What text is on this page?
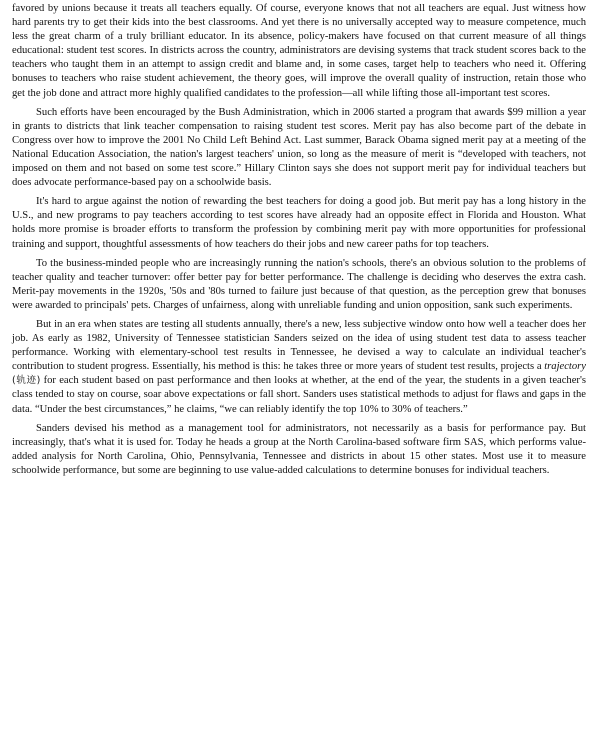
favored by unions because it treats all teachers equally. Of course, everyone knows that not all teachers are equal. Just witness how hard parents try to get their kids into the best classrooms. And yet there is no universally accepted way to measure competence, much less the great charm of a truly brilliant educator. In its absence, policy-makers have focused on that current measure of all things educational: student test scores. In districts across the country, administrators are devising systems that track student scores back to the teachers who taught them in an attempt to assign credit and blame and, in some cases, target help to teachers who need it. Offering bonuses to teachers who raise student achievement, the theory goes, will improve the overall quality of instruction, retain those who get the job done and attract more highly qualified candidates to the profession—all while lifting those all-important test scores.

Such efforts have been encouraged by the Bush Administration, which in 2006 started a program that awards $99 million a year in grants to districts that link teacher compensation to raising student test scores. Merit pay has also become part of the debate in Congress over how to improve the 2001 No Child Left Behind Act. Last summer, Barack Obama signed merit pay at a meeting of the National Education Association, the nation's largest teachers' union, so long as the measure of merit is “developed with teachers, not imposed on them and not based on some test score.” Hillary Clinton says she does not support merit pay for individual teachers but does advocate performance-based pay on a schoolwide basis.

It's hard to argue against the notion of rewarding the best teachers for doing a good job. But merit pay has a long history in the U.S., and new programs to pay teachers according to test scores have already had an opposite effect in Florida and Houston. What holds more promise is broader efforts to transform the profession by combining merit pay with more opportunities for professional training and support, thoughtful assessments of how teachers do their jobs and new career paths for top teachers.

To the business-minded people who are increasingly running the nation's schools, there's an obvious solution to the problems of teacher quality and teacher turnover: offer better pay for better performance. The challenge is deciding who deserves the extra cash. Merit-pay movements in the 1920s, '50s and '80s turned to failure just because of that question, as the perception grew that bonuses were awarded to principals' pets. Charges of unfairness, along with unreliable funding and union opposition, sank such experiments.

But in an era when states are testing all students annually, there's a new, less subjective window onto how well a teacher does her job. As early as 1982, University of Tennessee statistician Sanders seized on the idea of using student test data to assess teacher performance. Working with elementary-school test results in Tennessee, he devised a way to calculate an individual teacher's contribution to student progress. Essentially, his method is this: he takes three or more years of student test results, projects a trajectory (轨迹) for each student based on past performance and then looks at whether, at the end of the year, the students in a given teacher's class tended to stay on course, soar above expectations or fall short. Sanders uses statistical methods to adjust for flaws and gaps in the data. “Under the best circumstances,” he claims, “we can reliably identify the top 10% to 30% of teachers.”

Sanders devised his method as a management tool for administrators, not necessarily as a basis for performance pay. But increasingly, that's what it is used for. Today he heads a group at the North Carolina-based software firm SAS, which performs value-added analysis for North Carolina, Ohio, Pennsylvania, Tennessee and districts in about 15 other states. Most use it to measure schoolwide performance, but some are beginning to use value-added calculations to determine bonuses for individual teachers.
